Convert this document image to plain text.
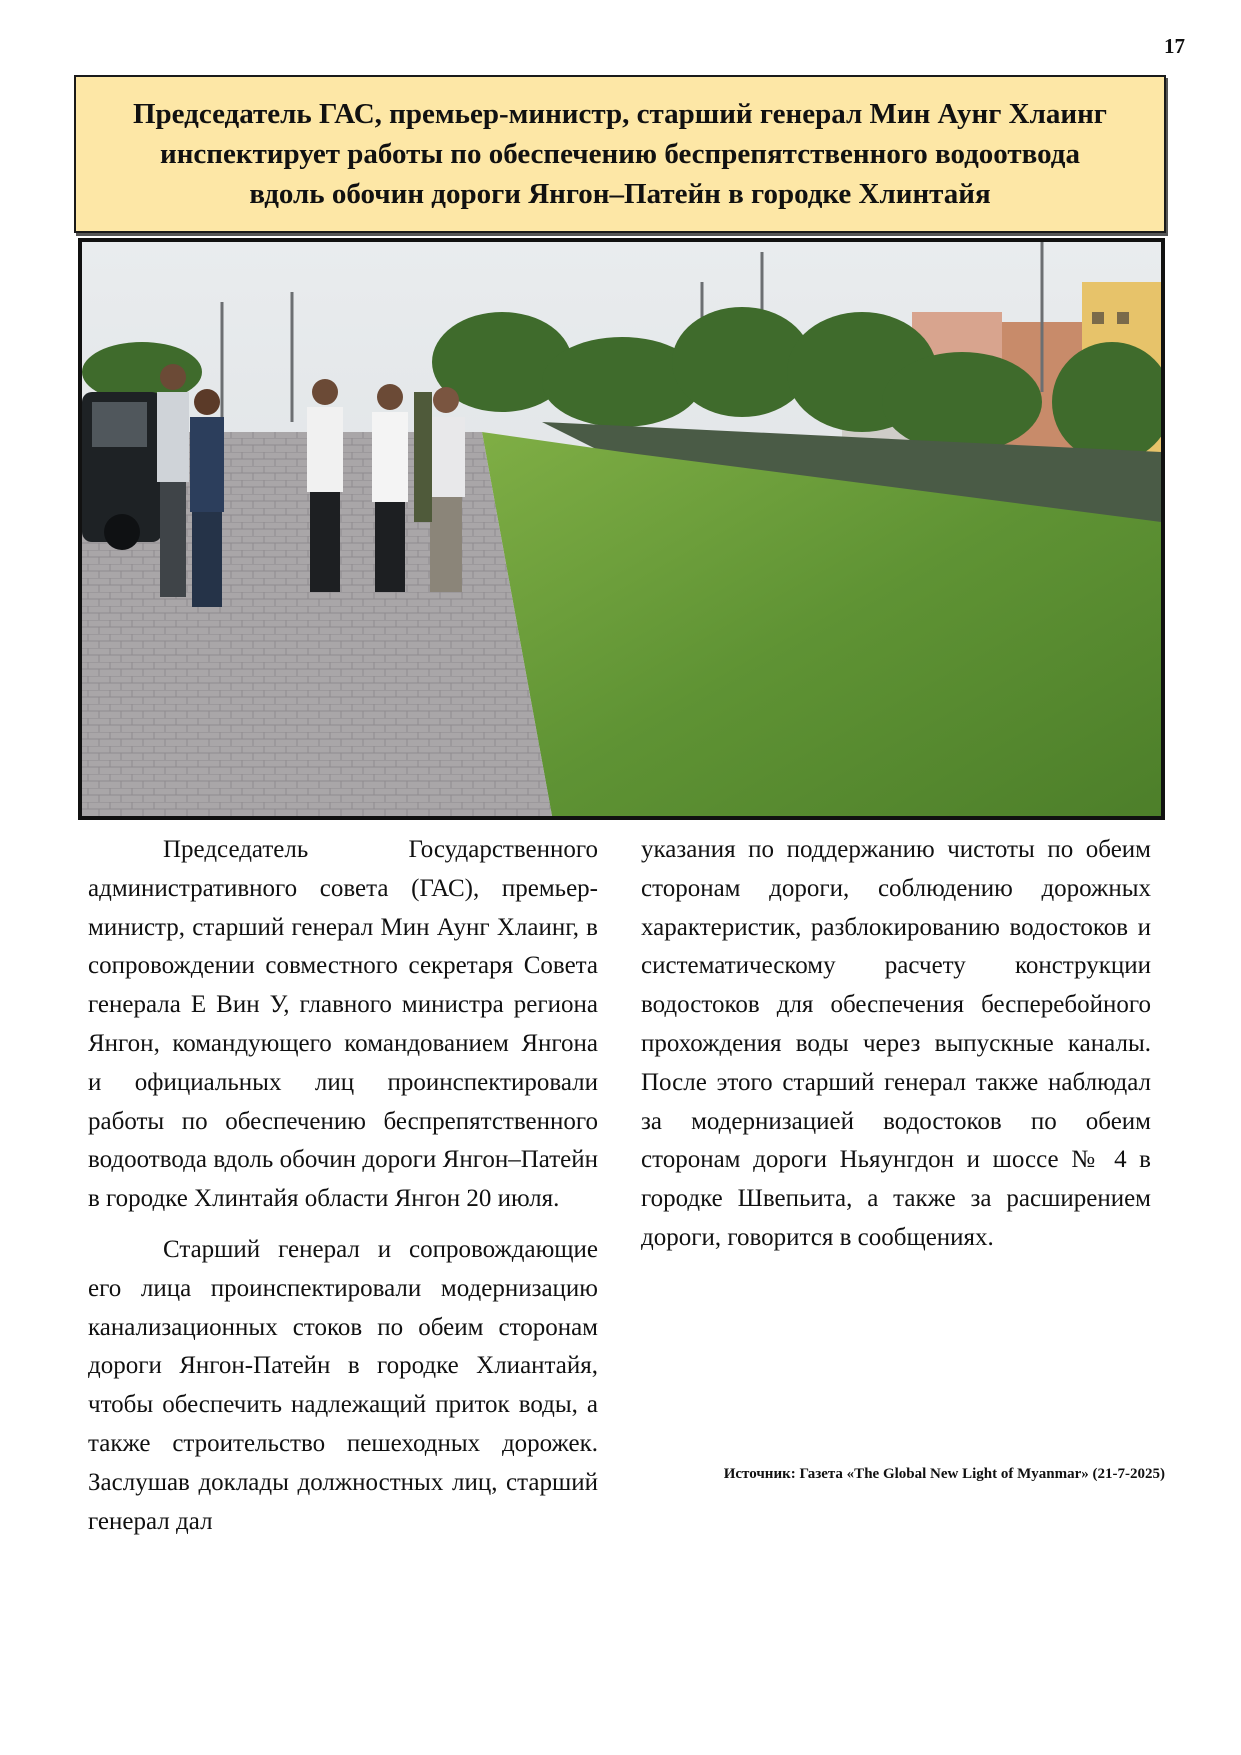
17
Председатель ГАС, премьер-министр, старший генерал Мин Аунг Хлаинг
инспектирует работы по обеспечению беспрепятственного водоотвода
вдоль обочин дороги Янгон–Патейн в городке Хлинтайя

Председатель Государственного административного совета (ГАС), премьер-министр, старший генерал Мин Аунг Хлаинг, в сопровождении совместного секретаря Совета генерала Е Вин У, главного министра региона Янгон, командующего командованием Янгона и официальных лиц проинспектировали работы по обеспечению беспрепятственного водоотвода вдоль обочин дороги Янгон–Патейн в городке Хлинтайя области Янгон 20 июля.

Старший генерал и сопровождающие его лица проинспектировали модернизацию канализационных стоков по обеим сторонам дороги Янгон-Патейн в городке Хлиантайя, чтобы обеспечить надлежащий приток воды, а также строительство пешеходных дорожек. Заслушав доклады должностных лиц, старший генерал дал

указания по поддержанию чистоты по обеим сторонам дороги, соблюдению дорожных характеристик, разблокированию водостоков и систематическому расчету конструкции водостоков для обеспечения бесперебойного прохождения воды через выпускные каналы. После этого старший генерал также наблюдал за модернизацией водостоков по обеим сторонам дороги Ньяунгдон и шоссе № 4 в городке Швепьита, а также за расширением дороги, говорится в сообщениях.

Источник: Газета «The Global New Light of Myanmar» (21-7-2025)
